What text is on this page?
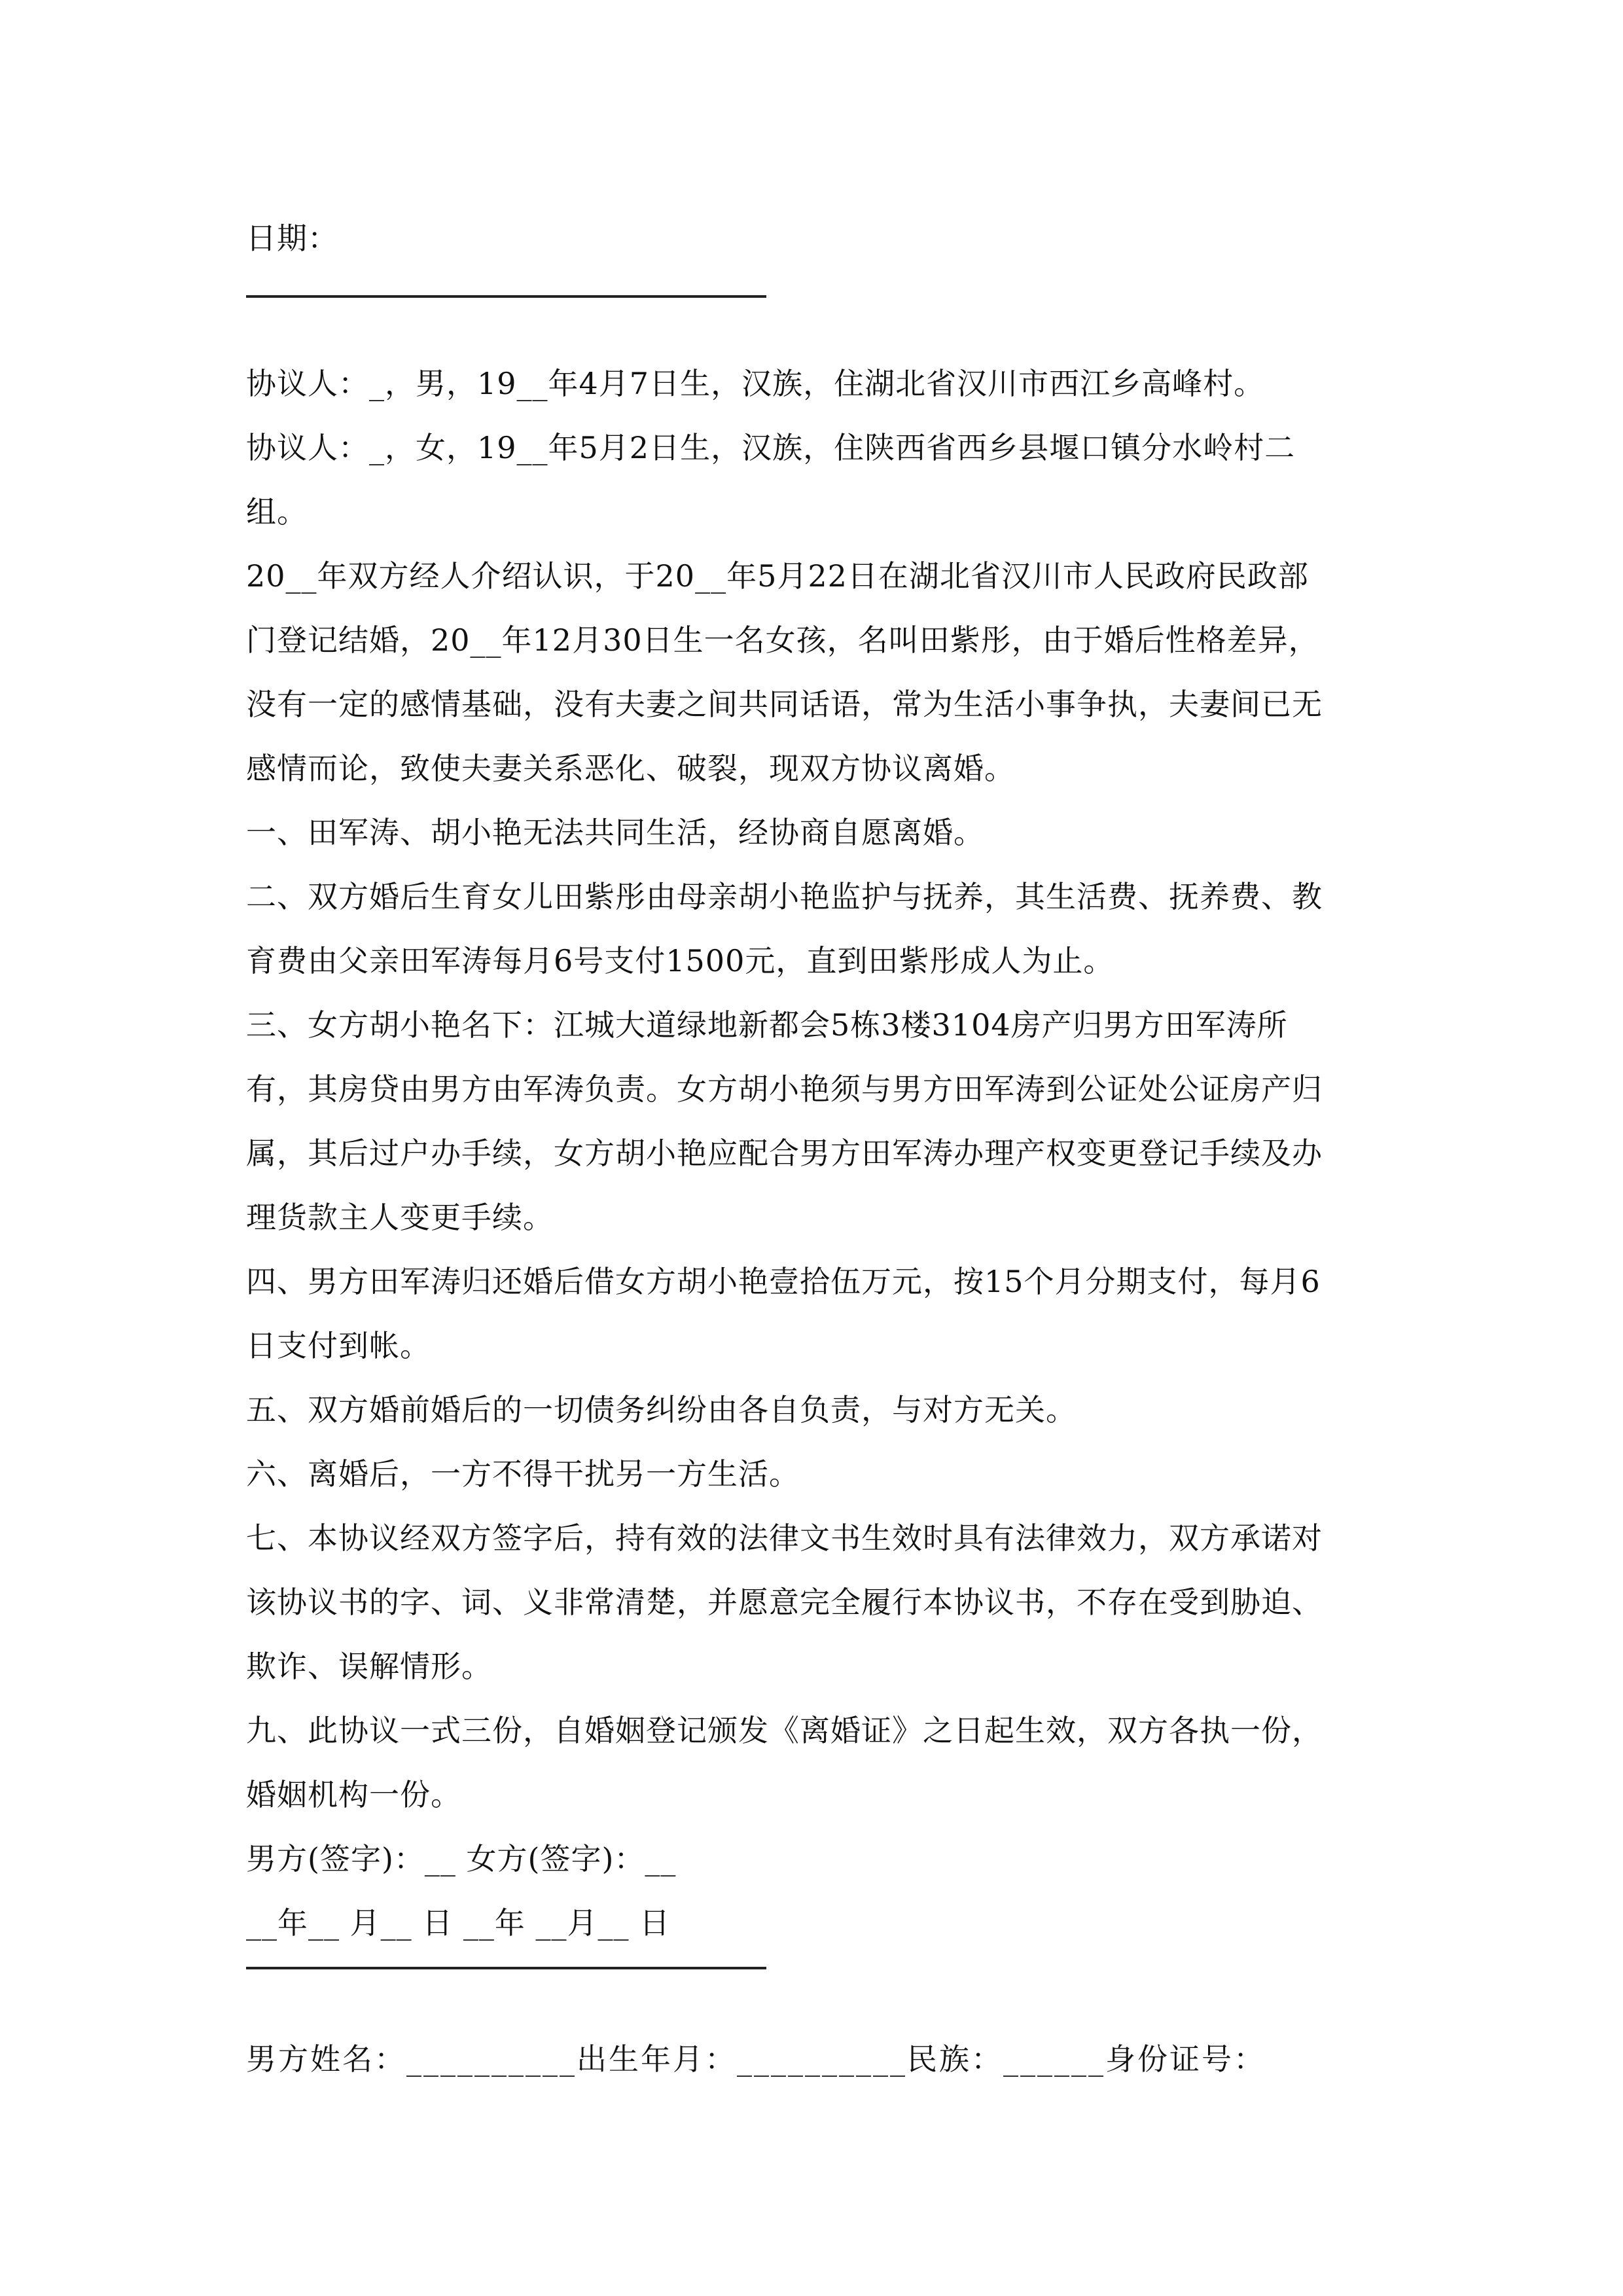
日期：
协议人：_，男，19__年4月7日生，汉族，住湖北省汉川市西江乡高峰村。
协议人：_，女，19__年5月2日生，汉族，住陕西省西乡县堰口镇分水岭村二
组。
20__年双方经人介绍认识，于20__年5月22日在湖北省汉川市人民政府民政部
门登记结婚，20__年12月30日生一名女孩，名叫田紫彤，由于婚后性格差异，
没有一定的感情基础，没有夫妻之间共同话语，常为生活小事争执，夫妻间已无
感情而论，致使夫妻关系恶化、破裂，现双方协议离婚。
一、田军涛、胡小艳无法共同生活，经协商自愿离婚。
二、双方婚后生育女儿田紫彤由母亲胡小艳监护与抚养，其生活费、抚养费、教
育费由父亲田军涛每月6号支付1500元，直到田紫彤成人为止。
三、女方胡小艳名下：江城大道绿地新都会5栋3楼3104房产归男方田军涛所
有，其房贷由男方由军涛负责。女方胡小艳须与男方田军涛到公证处公证房产归
属，其后过户办手续，女方胡小艳应配合男方田军涛办理产权变更登记手续及办
理货款主人变更手续。
四、男方田军涛归还婚后借女方胡小艳壹拾伍万元，按15个月分期支付，每月6
日支付到帐。
五、双方婚前婚后的一切债务纠纷由各自负责，与对方无关。
六、离婚后，一方不得干扰另一方生活。
七、本协议经双方签字后，持有效的法律文书生效时具有法律效力，双方承诺对
该协议书的字、词、义非常清楚，并愿意完全履行本协议书，不存在受到胁迫、
欺诈、误解情形。
九、此协议一式三份，自婚姻登记颁发《离婚证》之日起生效，双方各执一份，
婚姻机构一份。
男方(签字)：__ 女方(签字)：__
__年__ 月__ 日 __年 __月__ 日
男方姓名：__________出生年月：__________民族：______身份证号：
